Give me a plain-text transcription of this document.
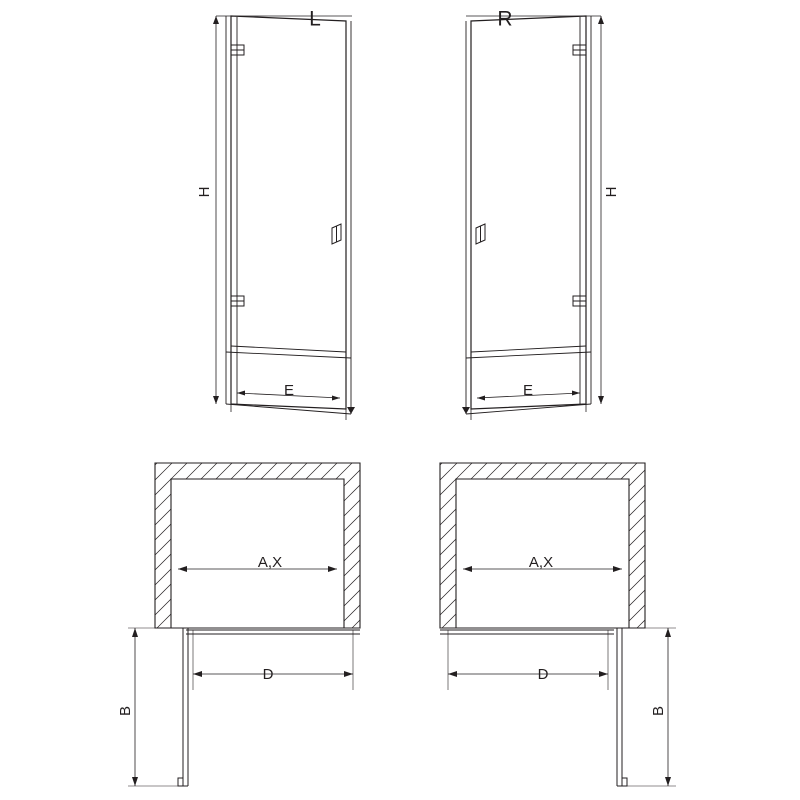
L
H
E
R
H
E
A,X
D
B
A,X
D
B
